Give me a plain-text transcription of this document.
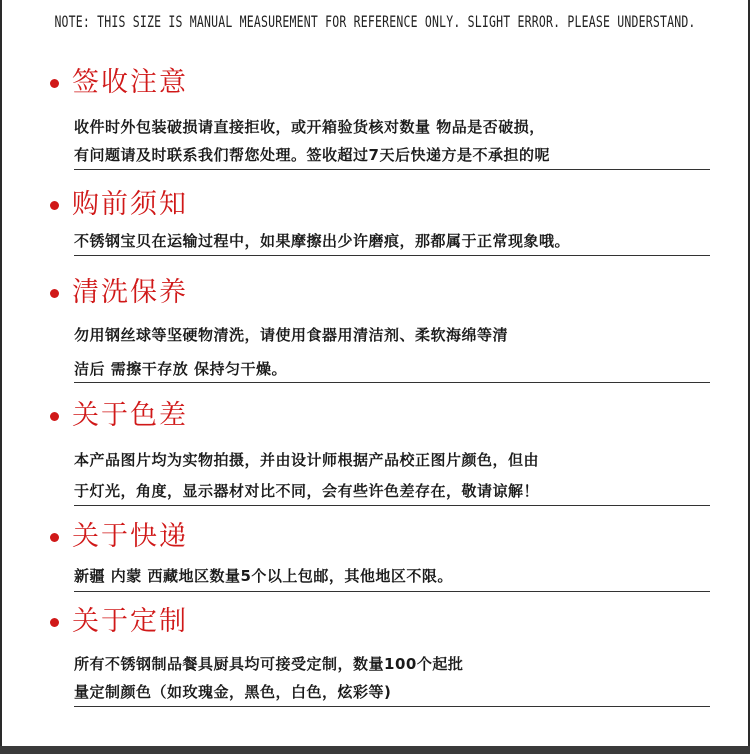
NOTE: THIS SIZE IS MANUAL MEASUREMENT FOR REFERENCE ONLY. SLIGHT ERROR. PLEASE UNDERSTAND.
签收注意
收件时外包装破损请直接拒收，或开箱验货核对数量 物品是否破损，
有问题请及时联系我们帮您处理。签收超过7天后快递方是不承担的呢
购前须知
不锈钢宝贝在运输过程中，如果摩擦出少许磨痕，那都属于正常现象哦。
清洗保养
勿用钢丝球等坚硬物清洗，请使用食器用清洁剂、柔软海绵等清
洁后 需擦干存放 保持匀干燥。
关于色差
本产品图片均为实物拍摄，并由设计师根据产品校正图片颜色，但由
于灯光，角度，显示器材对比不同，会有些许色差存在，敬请谅解！
关于快递
新疆 内蒙 西藏地区数量5个以上包邮，其他地区不限。
关于定制
所有不锈钢制品餐具厨具均可接受定制，数量100个起批
量定制颜色（如玫瑰金，黑色，白色，炫彩等)
